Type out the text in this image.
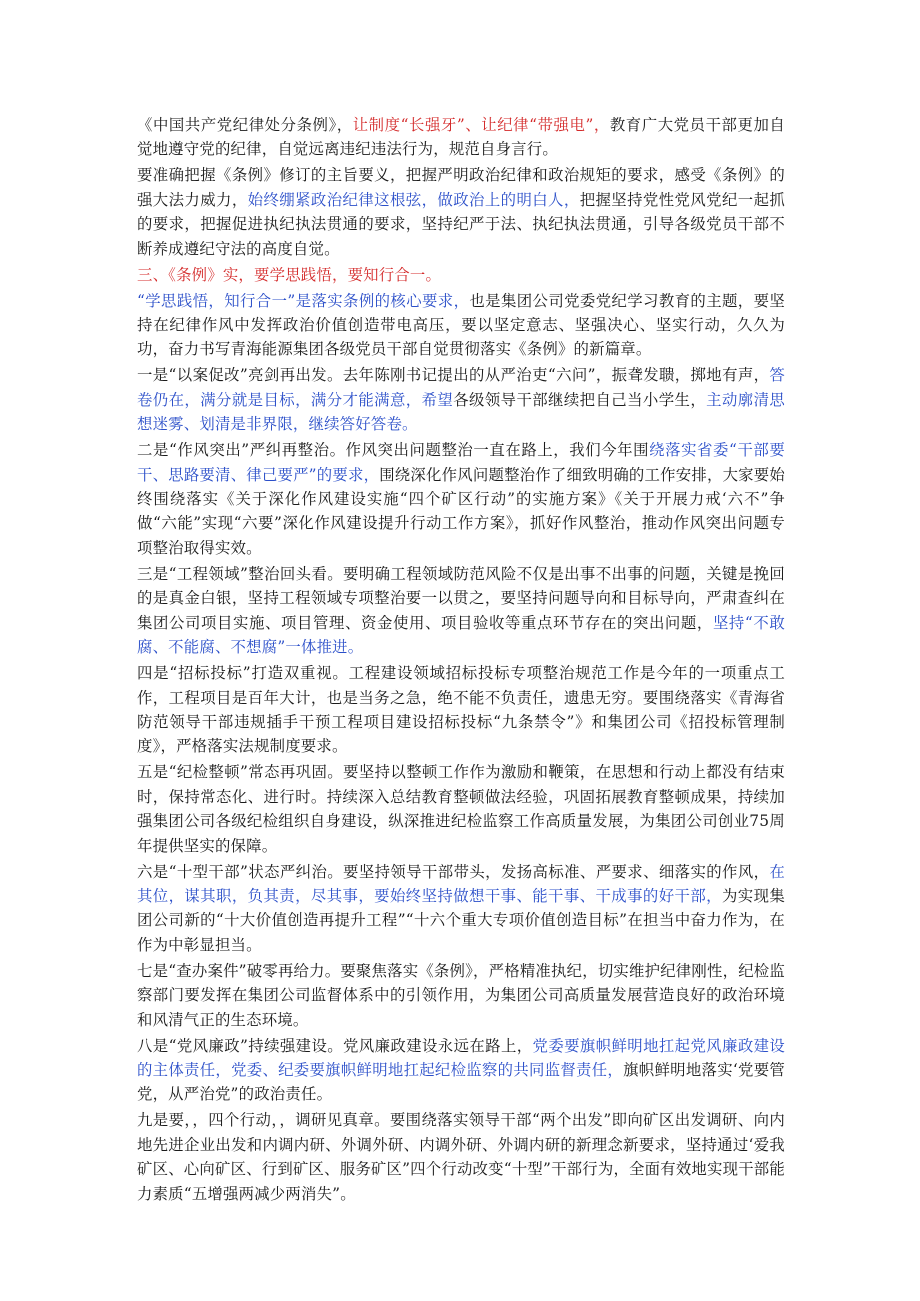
《中国共产党纪律处分条例》，让制度“长强牙”、让纪律“带强电”，教育广大党员干部更加自觉地遵守党的纪律，自觉远离违纪违法行为，规范自身言行。

要准确把握《条例》修订的主旨要义，把握严明政治纪律和政治规矩的要求，感受《条例》的强大法力威力，始终绷紧政治纪律这根弦，做政治上的明白人，把握坚持党性党风党纪一起抓的要求，把握促进执纪执法贯通的要求，坚持纪严于法、执纪执法贯通，引导各级党员干部不断养成遵纪守法的高度自觉。

三、《条例》实，要学思践悟，要知行合一。

“学思践悟，知行合一”是落实条例的核心要求，也是集团公司党委党纪学习教育的主题，要坚持在纪律作风中发挥政治价值创造带电高压，要以坚定意志、坚强决心、坚实行动，久久为功，奋力书写青海能源集团各级党员干部自觉贯彻落实《条例》的新篇章。

一是“以案促改”亮剑再出发。去年陈刚书记提出的从严治吏“六问”，振聋发聩，掷地有声，答卷仍在，满分就是目标，满分才能满意，希望各级领导干部继续把自己当小学生，主动廓清思想迷雾、划清是非界限，继续答好答卷。

二是“作风突出”严纠再整治。作风突出问题整治一直在路上，我们今年围绕落实省委“干部要干、思路要清、律己要严”的要求，围绕深化作风问题整治作了细致明确的工作安排，大家要始终围绕落实《关于深化作风建设实施“四个矿区行动”的实施方案》《关于开展力戒‘六不”争做“六能”实现“六要”深化作风建设提升行动工作方案》，抓好作风整治，推动作风突出问题专项整治取得实效。

三是“工程领域”整治回头看。要明确工程领域防范风险不仅是出事不出事的问题，关键是挽回的是真金白银，坚持工程领域专项整治要一以贯之，要坚持问题导向和目标导向，严肃查纠在集团公司项目实施、项目管理、资金使用、项目验收等重点环节存在的突出问题，坚持“不敢腐、不能腐、不想腐”一体推进。

四是“招标投标”打造双重视。工程建设领域招标投标专项整治规范工作是今年的一项重点工作，工程项目是百年大计，也是当务之急，绝不能不负责任，遗患无穷。要围绕落实《青海省防范领导干部违规插手干预工程项目建设招标投标“九条禁令”》和集团公司《招投标管理制度》，严格落实法规制度要求。

五是“纪检整顿”常态再巩固。要坚持以整顿工作作为激励和鞭策，在思想和行动上都没有结束时，保持常态化、进行时。持续深入总结教育整顿做法经验，巩固拓展教育整顿成果，持续加强集团公司各级纪检组织自身建设，纵深推进纪检监察工作高质量发展，为集团公司创业75周年提供坚实的保障。

六是“十型干部”状态严纠治。要坚持领导干部带头，发扬高标准、严要求、细落实的作风，在其位，谋其职，负其责，尽其事，要始终坚持做想干事、能干事、干成事的好干部，为实现集团公司新的“十大价值创造再提升工程”“十六个重大专项价值创造目标”在担当中奋力作为，在作为中彰显担当。

七是“查办案件”破零再给力。要聚焦落实《条例》，严格精准执纪，切实维护纪律刚性，纪检监察部门要发挥在集团公司监督体系中的引领作用，为集团公司高质量发展营造良好的政治环境和风清气正的生态环境。

八是“党风廉政”持续强建设。党风廉政建设永远在路上，党委要旗帜鲜明地扛起党风廉政建设的主体责任，党委、纪委要旗帜鲜明地扛起纪检监察的共同监督责任，旗帜鲜明地落实‘党要管党，从严治党”的政治责任。

九是要，，四个行动，，调研见真章。要围绕落实领导干部“两个出发”即向矿区出发调研、向内地先进企业出发和内调内研、外调外研、内调外研、外调内研的新理念新要求，坚持通过‘爱我矿区、心向矿区、行到矿区、服务矿区”四个行动改变“十型”干部行为，全面有效地实现干部能力素质“五增强两减少两消失”。
